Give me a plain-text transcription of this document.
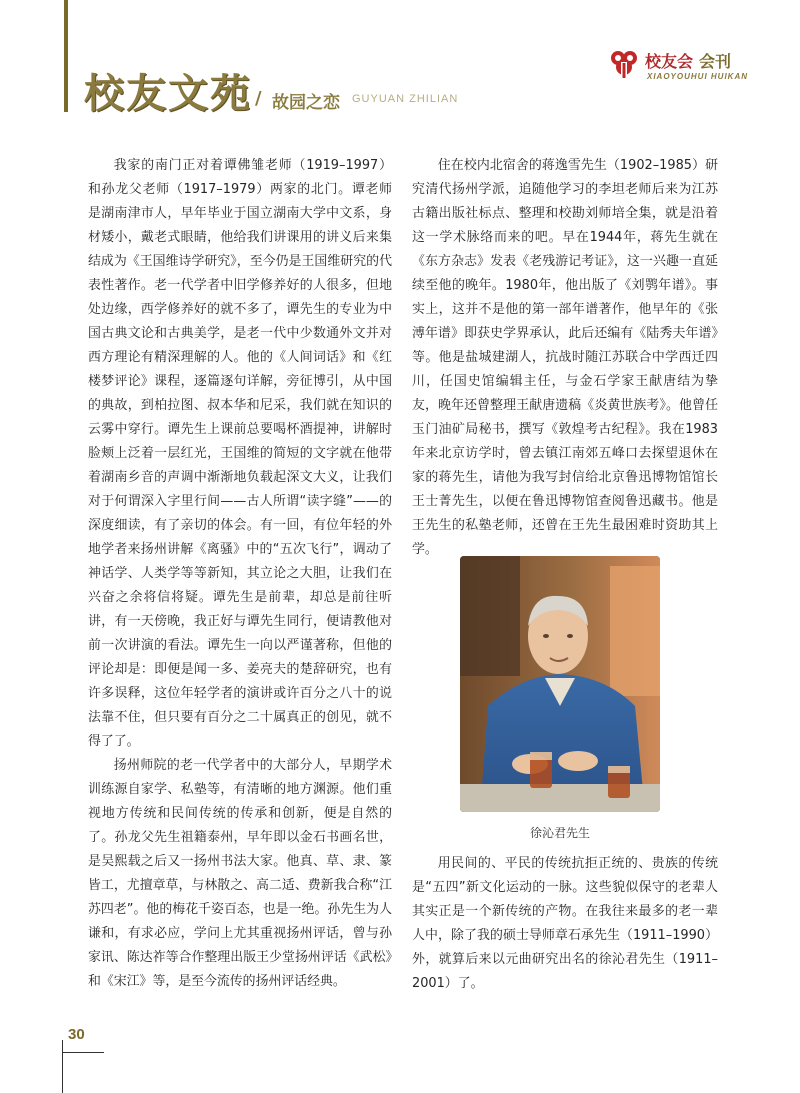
校友文苑 / 故园之恋 GUYUAN ZHILIAN
校友会 会刊
XIAOYOUHUI HUIKAN

我家的南门正对着谭佛雏老师（1919–1997）和孙龙父老师（1917–1979）两家的北门。谭老师是湖南津市人，早年毕业于国立湖南大学中文系，身材矮小，戴老式眼睛，他给我们讲课用的讲义后来集结成为《王国维诗学研究》，至今仍是王国维研究的代表性著作。老一代学者中旧学修养好的人很多，但地处边缘，西学修养好的就不多了，谭先生的专业为中国古典文论和古典美学，是老一代中少数通外文并对西方理论有精深理解的人。他的《人间词话》和《红楼梦评论》课程，逐篇逐句详解，旁征博引，从中国的典故，到柏拉图、叔本华和尼采，我们就在知识的云雾中穿行。谭先生上课前总要喝杯酒提神，讲解时脸颊上泛着一层红光，王国维的简短的文字就在他带着湖南乡音的声调中渐渐地负载起深文大义，让我们对于何谓深入字里行间——古人所谓“读字缝”——的深度细读，有了亲切的体会。有一回，有位年轻的外地学者来扬州讲解《离骚》中的“五次飞行”，调动了神话学、人类学等等新知，其立论之大胆，让我们在兴奋之余将信将疑。谭先生是前辈，却总是前往听讲，有一天傍晚，我正好与谭先生同行，便请教他对前一次讲演的看法。谭先生一向以严谨著称，但他的评论却是：即便是闻一多、姜亮夫的楚辞研究，也有许多误释，这位年轻学者的演讲或许百分之八十的说法靠不住，但只要有百分之二十属真正的创见，就不得了了。

扬州师院的老一代学者中的大部分人，早期学术训练源自家学、私塾等，有清晰的地方渊源。他们重视地方传统和民间传统的传承和创新，便是自然的了。孙龙父先生祖籍泰州，早年即以金石书画名世，是吴熙载之后又一扬州书法大家。他真、草、隶、篆皆工，尤擅章草，与林散之、高二适、费新我合称“江苏四老”。他的梅花千姿百态，也是一绝。孙先生为人谦和，有求必应，学问上尤其重视扬州评话，曾与孙家讯、陈达祚等合作整理出版王少堂扬州评话《武松》和《宋江》等，是至今流传的扬州评话经典。

住在校内北宿舍的蒋逸雪先生（1902–1985）研究清代扬州学派，追随他学习的李坦老师后来为江苏古籍出版社标点、整理和校勘刘师培全集，就是沿着这一学术脉络而来的吧。早在1944年，蒋先生就在《东方杂志》发表《老残游记考证》，这一兴趣一直延续至他的晚年。1980年，他出版了《刘鹗年谱》。事实上，这并不是他的第一部年谱著作，他早年的《张溥年谱》即获史学界承认，此后还编有《陆秀夫年谱》等。他是盐城建湖人，抗战时随江苏联合中学西迁四川，任国史馆编辑主任，与金石学家王献唐结为挚友，晚年还曾整理王献唐遗稿《炎黄世族考》。他曾任玉门油矿局秘书，撰写《敦煌考古纪程》。我在1983年来北京访学时，曾去镇江南郊五峰口去探望退休在家的蒋先生，请他为我写封信给北京鲁迅博物馆馆长王士菁先生，以便在鲁迅博物馆查阅鲁迅藏书。他是王先生的私塾老师，还曾在王先生最困难时资助其上学。

徐沁君先生

用民间的、平民的传统抗拒正统的、贵族的传统是“五四”新文化运动的一脉。这些貌似保守的老辈人其实正是一个新传统的产物。在我往来最多的老一辈人中，除了我的硕士导师章石承先生（1911–1990）外，就算后来以元曲研究出名的徐沁君先生（1911–2001）了。

30
